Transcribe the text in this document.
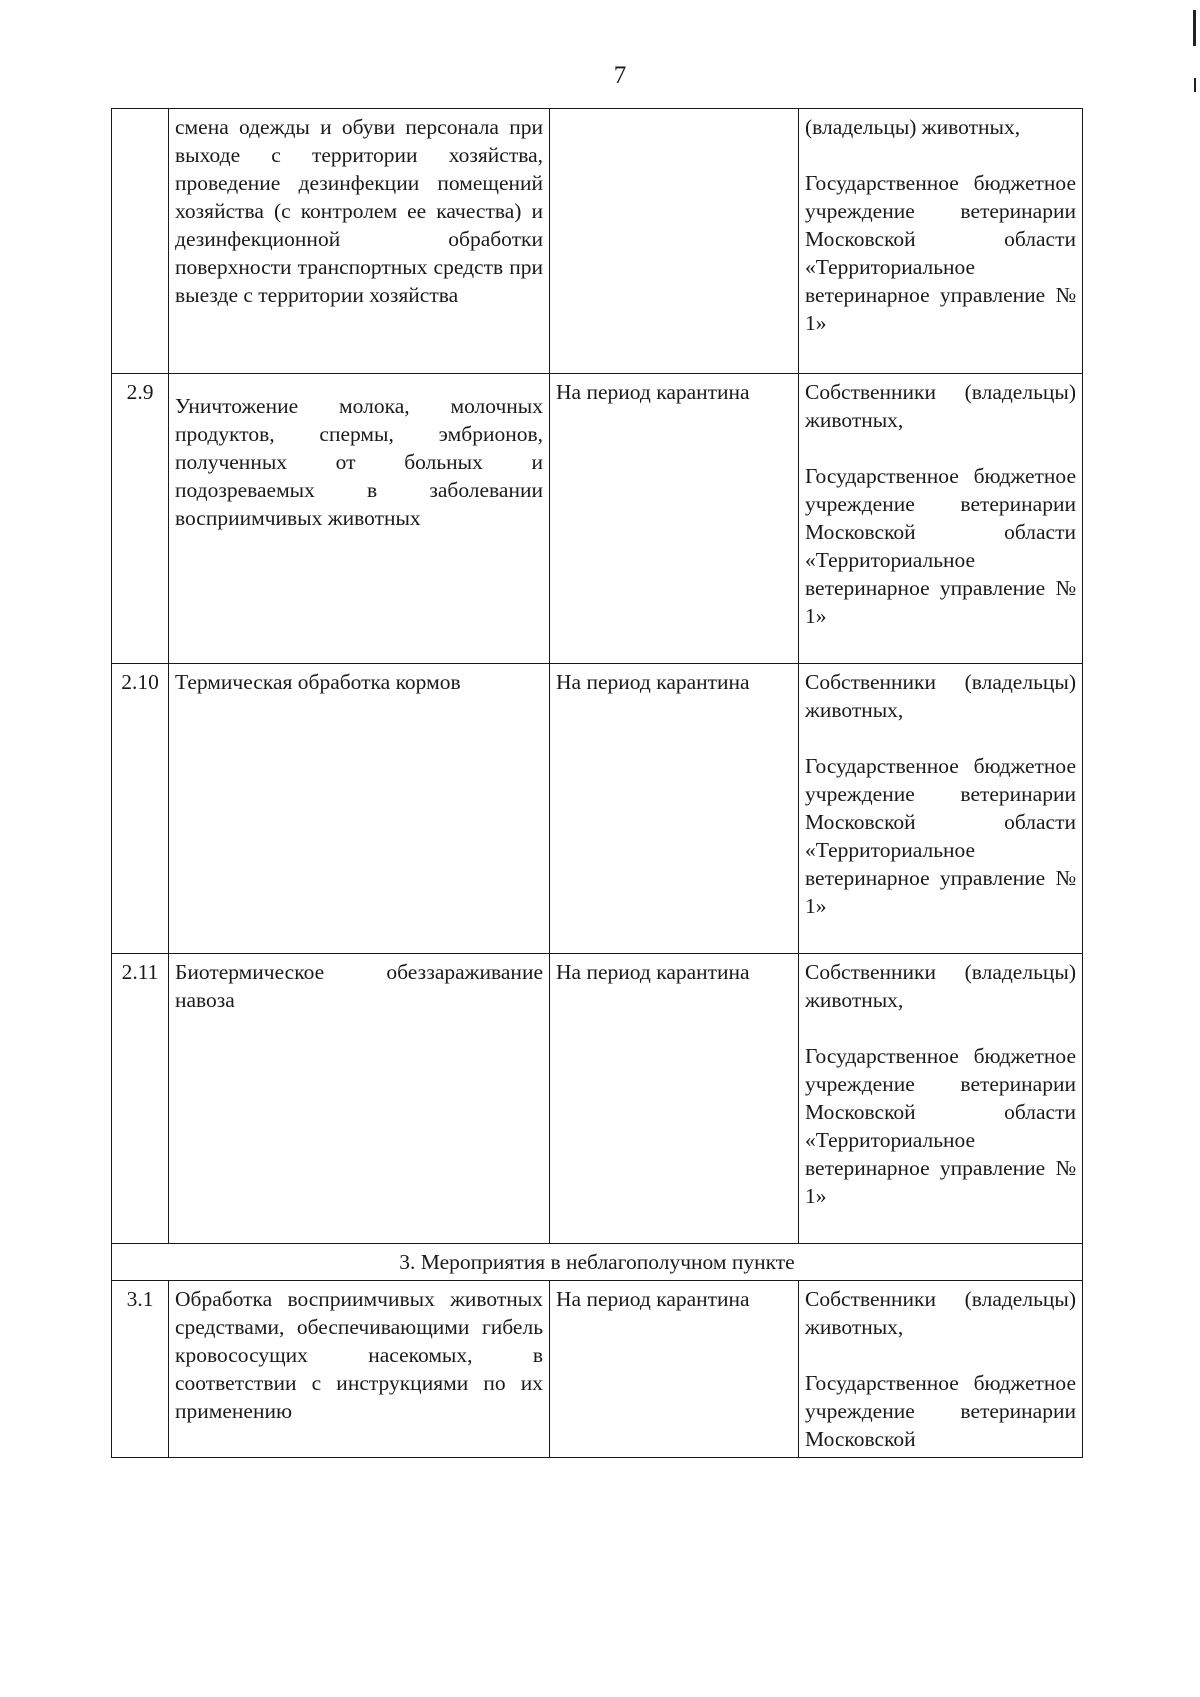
7
	смена одежды и обуви персонала при выходе с территории хозяйства, проведение дезинфекции помещений хозяйства (с контролем ее качества) и дезинфекционной обработки поверхности транспортных средств при выезде с территории хозяйства		(владельцы) животных,
Государственное бюджетное учреждение ветеринарии Московской области «Территориальное ветеринарное управление № 1»

2.9	Уничтожение молока, молочных продуктов, спермы, эмбрионов, полученных от больных и подозреваемых в заболевании восприимчивых животных	На период карантина	Собственники (владельцы) животных,
Государственное бюджетное учреждение ветеринарии Московской области «Территориальное ветеринарное управление № 1»

2.10	Термическая обработка кормов	На период карантина	Собственники (владельцы) животных,
Государственное бюджетное учреждение ветеринарии Московской области «Территориальное ветеринарное управление № 1»

2.11	Биотермическое обеззараживание навоза	На период карантина	Собственники (владельцы) животных,
Государственное бюджетное учреждение ветеринарии Московской области «Территориальное ветеринарное управление № 1»

3. Мероприятия в неблагополучном пункте			
3.1	Обработка восприимчивых животных средствами, обеспечивающими гибель кровососущих насекомых, в соответствии с инструкциями по их применению	На период карантина	Собственники (владельцы) животных,
Государственное бюджетное учреждение ветеринарии Московской
